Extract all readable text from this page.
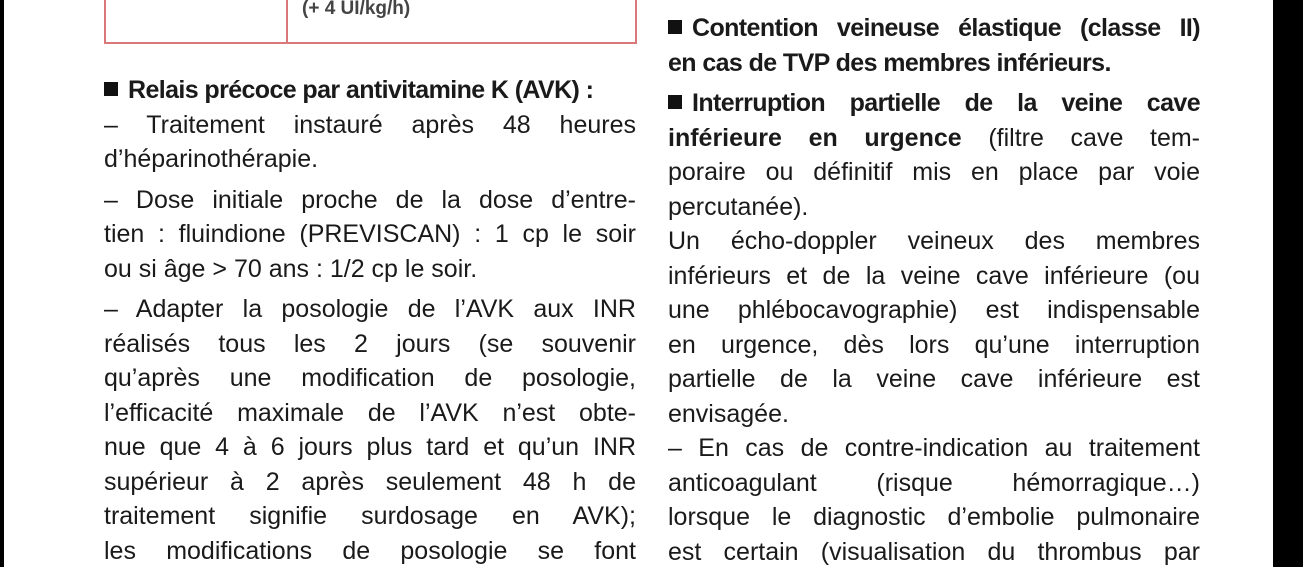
(+ 4 UI/kg/h)

Relais précoce par antivitamine K (AVK) :

– Traitement instauré après 48 heures

d’héparinothérapie.

– Dose initiale proche de la dose d’entre-

tien : fluindione (PREVISCAN) : 1 cp le soir

ou si âge > 70 ans : 1/2 cp le soir.

– Adapter la posologie de l’AVK aux INR

réalisés tous les 2 jours (se souvenir

qu’après une modification de posologie,

l’efficacité maximale de l’AVK n’est obte-

nue que 4 à 6 jours plus tard et qu’un INR

supérieur à 2 après seulement 48 h de

traitement signifie surdosage en AVK);

les modifications de posologie se font

Contention veineuse élastique (classe II)

en cas de TVP des membres inférieurs.

Interruption partielle de la veine cave

inférieure en urgence (filtre cave tem-

poraire ou définitif mis en place par voie

percutanée).

Un écho-doppler veineux des membres

inférieurs et de la veine cave inférieure (ou

une phlébocavographie) est indispensable

en urgence, dès lors qu’une interruption

partielle de la veine cave inférieure est

envisagée.

– En cas de contre-indication au traitement

anticoagulant (risque hémorragique…)

lorsque le diagnostic d’embolie pulmonaire

est certain (visualisation du thrombus par
